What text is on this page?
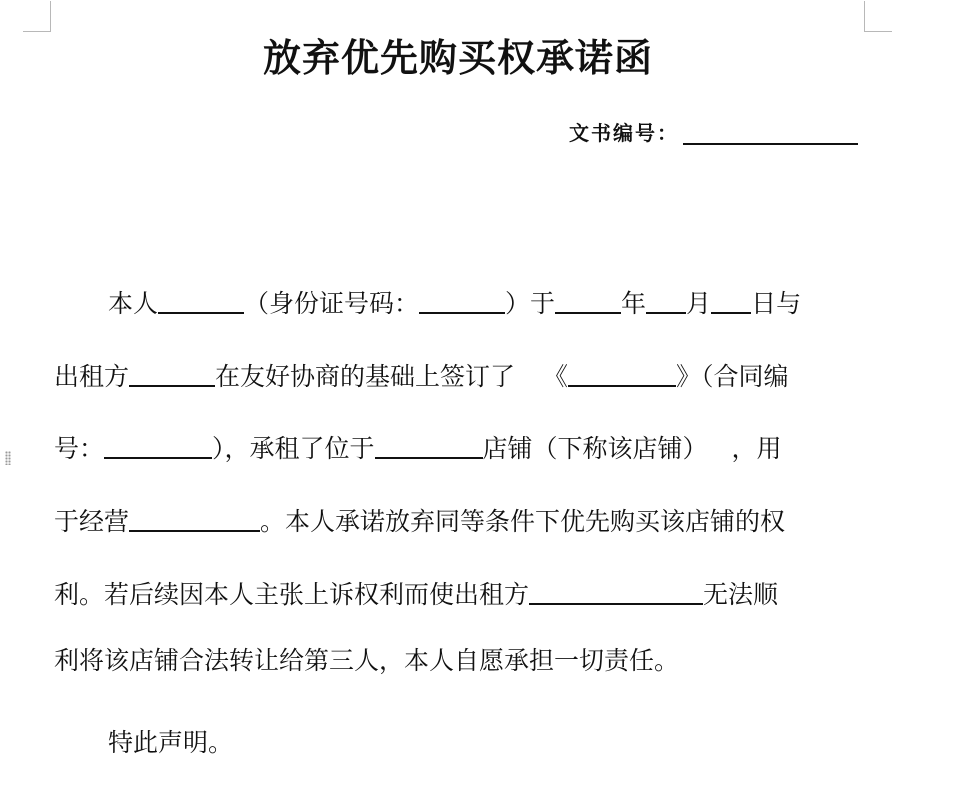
放弃优先购买权承诺函
文书编号：
本人	（身份证号码：	）于	年 月 日与
出租方	在友好协商的基础上签订了 《	》（合同编
号：	），承租了位于	店铺（下称该店铺） ，用
于经营	。本人承诺放弃同等条件下优先购买该店铺的权
利。若后续因本人主张上诉权利而使出租方	无法顺
利将该店铺合法转让给第三人，本人自愿承担一切责任。
特此声明。
